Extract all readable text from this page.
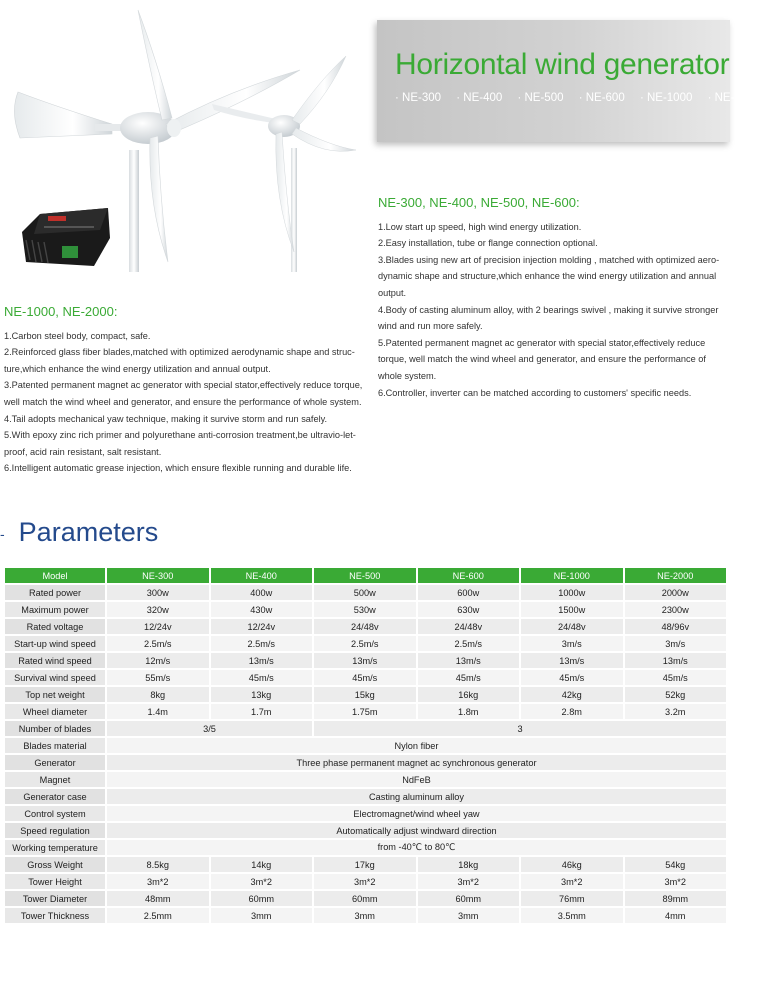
Horizontal wind generator
· NE-300 · NE-400 · NE-500 · NE-600 · NE-1000 · NE-2000
NE-300, NE-400, NE-500, NE-600:

1.Low start up speed, high wind energy utilization.

2.Easy installation, tube or flange connection optional.

3.Blades using new art of precision injection molding , matched with optimized aero-dynamic shape and structure,which enhance the wind energy utilization and annual output.

4.Body of casting aluminum alloy, with 2 bearings swivel , making it survive stronger wind and run more safely.

5.Patented permanent magnet ac generator with special stator,effectively reduce torque, well match the wind wheel and generator, and ensure the performance of whole system.

6.Controller, inverter can be matched according to customers' specific needs.

NE-1000, NE-2000:

1.Carbon steel body, compact, safe.

2.Reinforced glass fiber blades,matched with optimized aerodynamic shape and struc-ture,which enhance the wind energy utilization and annual output.

3.Patented permanent magnet ac generator with special stator,effectively reduce torque, well match the wind wheel and generator, and ensure the performance of whole system.

4.Tail adopts mechanical yaw technique, making it survive storm and run safely.

5.With epoxy zinc rich primer and polyurethane anti-corrosion treatment,be ultravio-let-proof, acid rain resistant, salt resistant.

6.Intelligent automatic grease injection, which ensure flexible running and durable life.

- Parameters
Model	NE-300	NE-400	NE-500	NE-600	NE-1000	NE-2000
Rated power	300w	400w	500w	600w	1000w	2000w
Maximum power	320w	430w	530w	630w	1500w	2300w
Rated voltage	12/24v	12/24v	24/48v	24/48v	24/48v	48/96v
Start-up wind speed	2.5m/s	2.5m/s	2.5m/s	2.5m/s	3m/s	3m/s
Rated wind speed	12m/s	13m/s	13m/s	13m/s	13m/s	13m/s
Survival wind speed	55m/s	45m/s	45m/s	45m/s	45m/s	45m/s
Top net weight	8kg	13kg	15kg	16kg	42kg	52kg
Wheel diameter	1.4m	1.7m	1.75m	1.8m	2.8m	3.2m
Number of blades	3/5		3			
Blades material	Nylon fiber					
Generator	Three phase permanent magnet ac synchronous generator					
Magnet	NdFeB					
Generator case	Casting aluminum alloy					
Control system	Electromagnet/wind wheel yaw					
Speed regulation	Automatically adjust windward direction					
Working temperature	from -40℃ to 80℃					
Gross Weight	8.5kg	14kg	17kg	18kg	46kg	54kg
Tower Height	3m*2	3m*2	3m*2	3m*2	3m*2	3m*2
Tower Diameter	48mm	60mm	60mm	60mm	76mm	89mm
Tower Thickness	2.5mm	3mm	3mm	3mm	3.5mm	4mm
